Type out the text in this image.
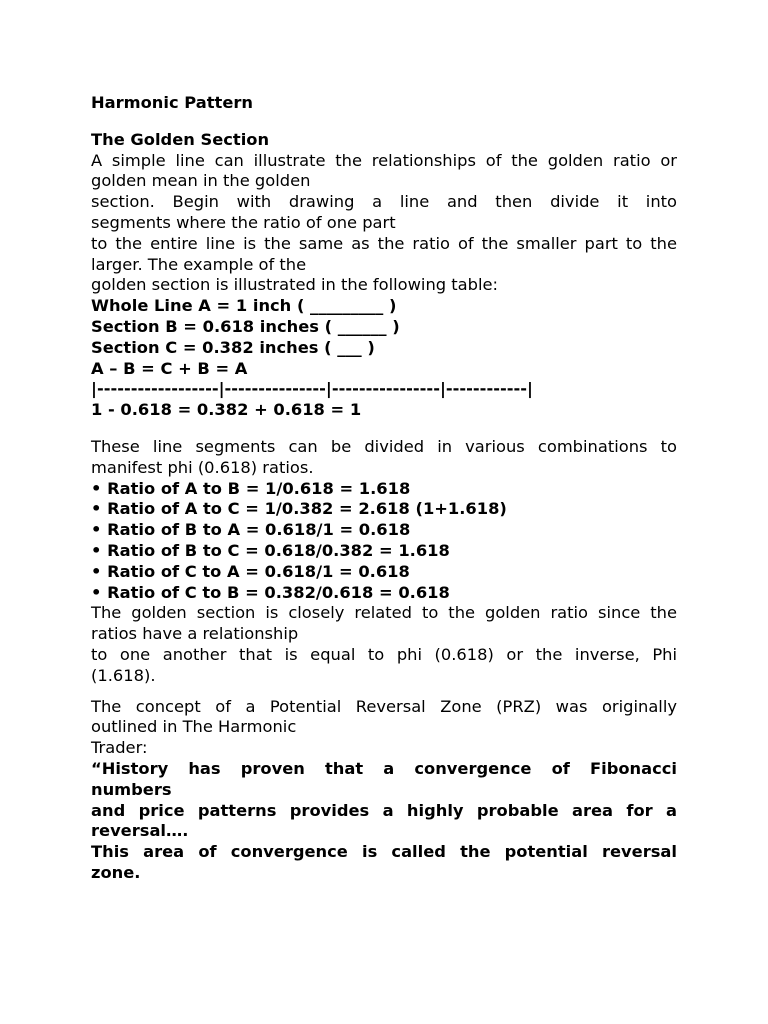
Harmonic Pattern
The Golden Section
A simple line can illustrate the relationships of the golden ratio or
golden mean in the golden
section. Begin with drawing a line and then divide it into
segments where the ratio of one part
to the entire line is the same as the ratio of the smaller part to the
larger. The example of the
golden section is illustrated in the following table:
Whole Line A = 1 inch ( _________ )
Section B = 0.618 inches ( ______ )
Section C = 0.382 inches ( ___ )
A – B = C + B = A
|------------------|---------------|----------------|------------|
1 - 0.618 = 0.382 + 0.618 = 1
These line segments can be divided in various combinations to
manifest phi (0.618) ratios.
• Ratio of A to B = 1/0.618 = 1.618
• Ratio of A to C = 1/0.382 = 2.618 (1+1.618)
• Ratio of B to A = 0.618/1 = 0.618
• Ratio of B to C = 0.618/0.382 = 1.618
• Ratio of C to A = 0.618/1 = 0.618
• Ratio of C to B = 0.382/0.618 = 0.618
The golden section is closely related to the golden ratio since the
ratios have a relationship
to one another that is equal to phi (0.618) or the inverse, Phi
(1.618).
The concept of a Potential Reversal Zone (PRZ) was originally
outlined in The Harmonic
Trader:
“History has proven that a convergence of Fibonacci
numbers
and price patterns provides a highly probable area for a
reversal….
This area of convergence is called the potential reversal
zone.
